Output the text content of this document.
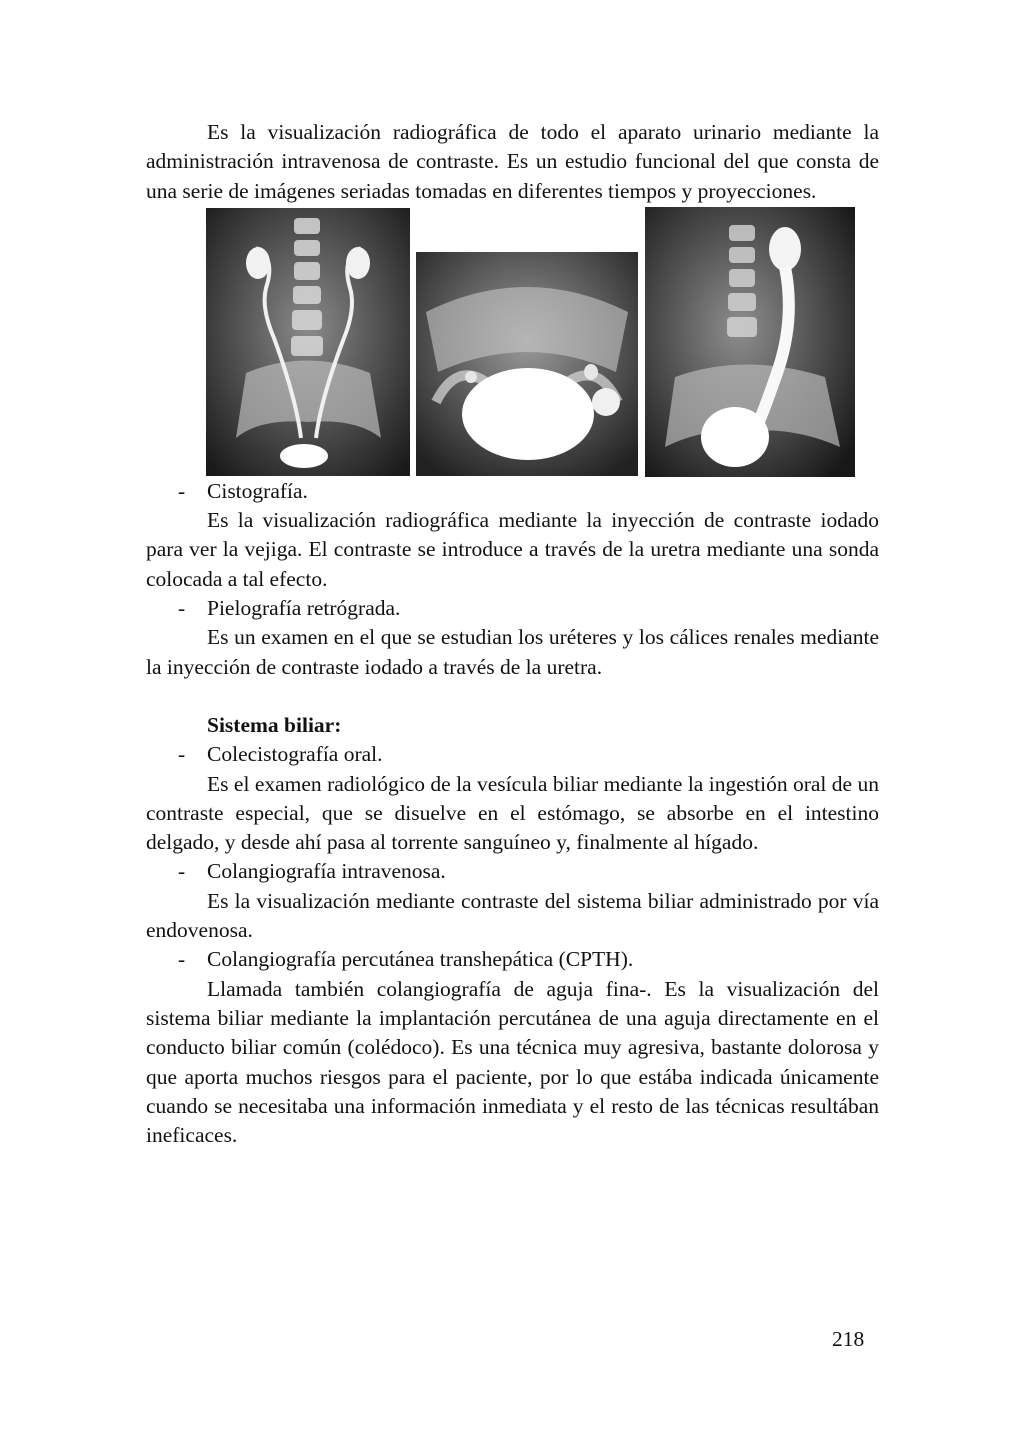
Es la visualización radiográfica de todo el aparato urinario mediante la administración intravenosa de contraste. Es un estudio funcional del que consta de una serie de imágenes seriadas tomadas en diferentes tiempos y proyecciones.

- Cistografía.

Es la visualización radiográfica mediante la inyección de contraste iodado para ver la vejiga. El contraste se introduce a través de la uretra mediante una sonda colocada a tal efecto.

- Pielografía retrógrada.

Es un examen en el que se estudian los uréteres y los cálices renales mediante la inyección de contraste iodado a través de la uretra.

Sistema biliar:
- Colecistografía oral.

Es el examen radiológico de la vesícula biliar mediante la ingestión oral de un contraste especial, que se disuelve en el estómago, se absorbe en el intestino delgado, y desde ahí pasa al torrente sanguíneo y, finalmente al hígado.

- Colangiografía intravenosa.

Es la visualización mediante contraste del sistema biliar administrado por vía endovenosa.

- Colangiografía percutánea transhepática (CPTH).

Llamada también colangiografía de aguja fina-. Es la visualización del sistema biliar mediante la implantación percutánea de una aguja directamente en el conducto biliar común (colédoco). Es una técnica muy agresiva, bastante dolorosa y que aporta muchos riesgos para el paciente, por lo que estába indicada únicamente cuando se necesitaba una información inmediata y el resto de las técnicas resultában ineficaces.

218
